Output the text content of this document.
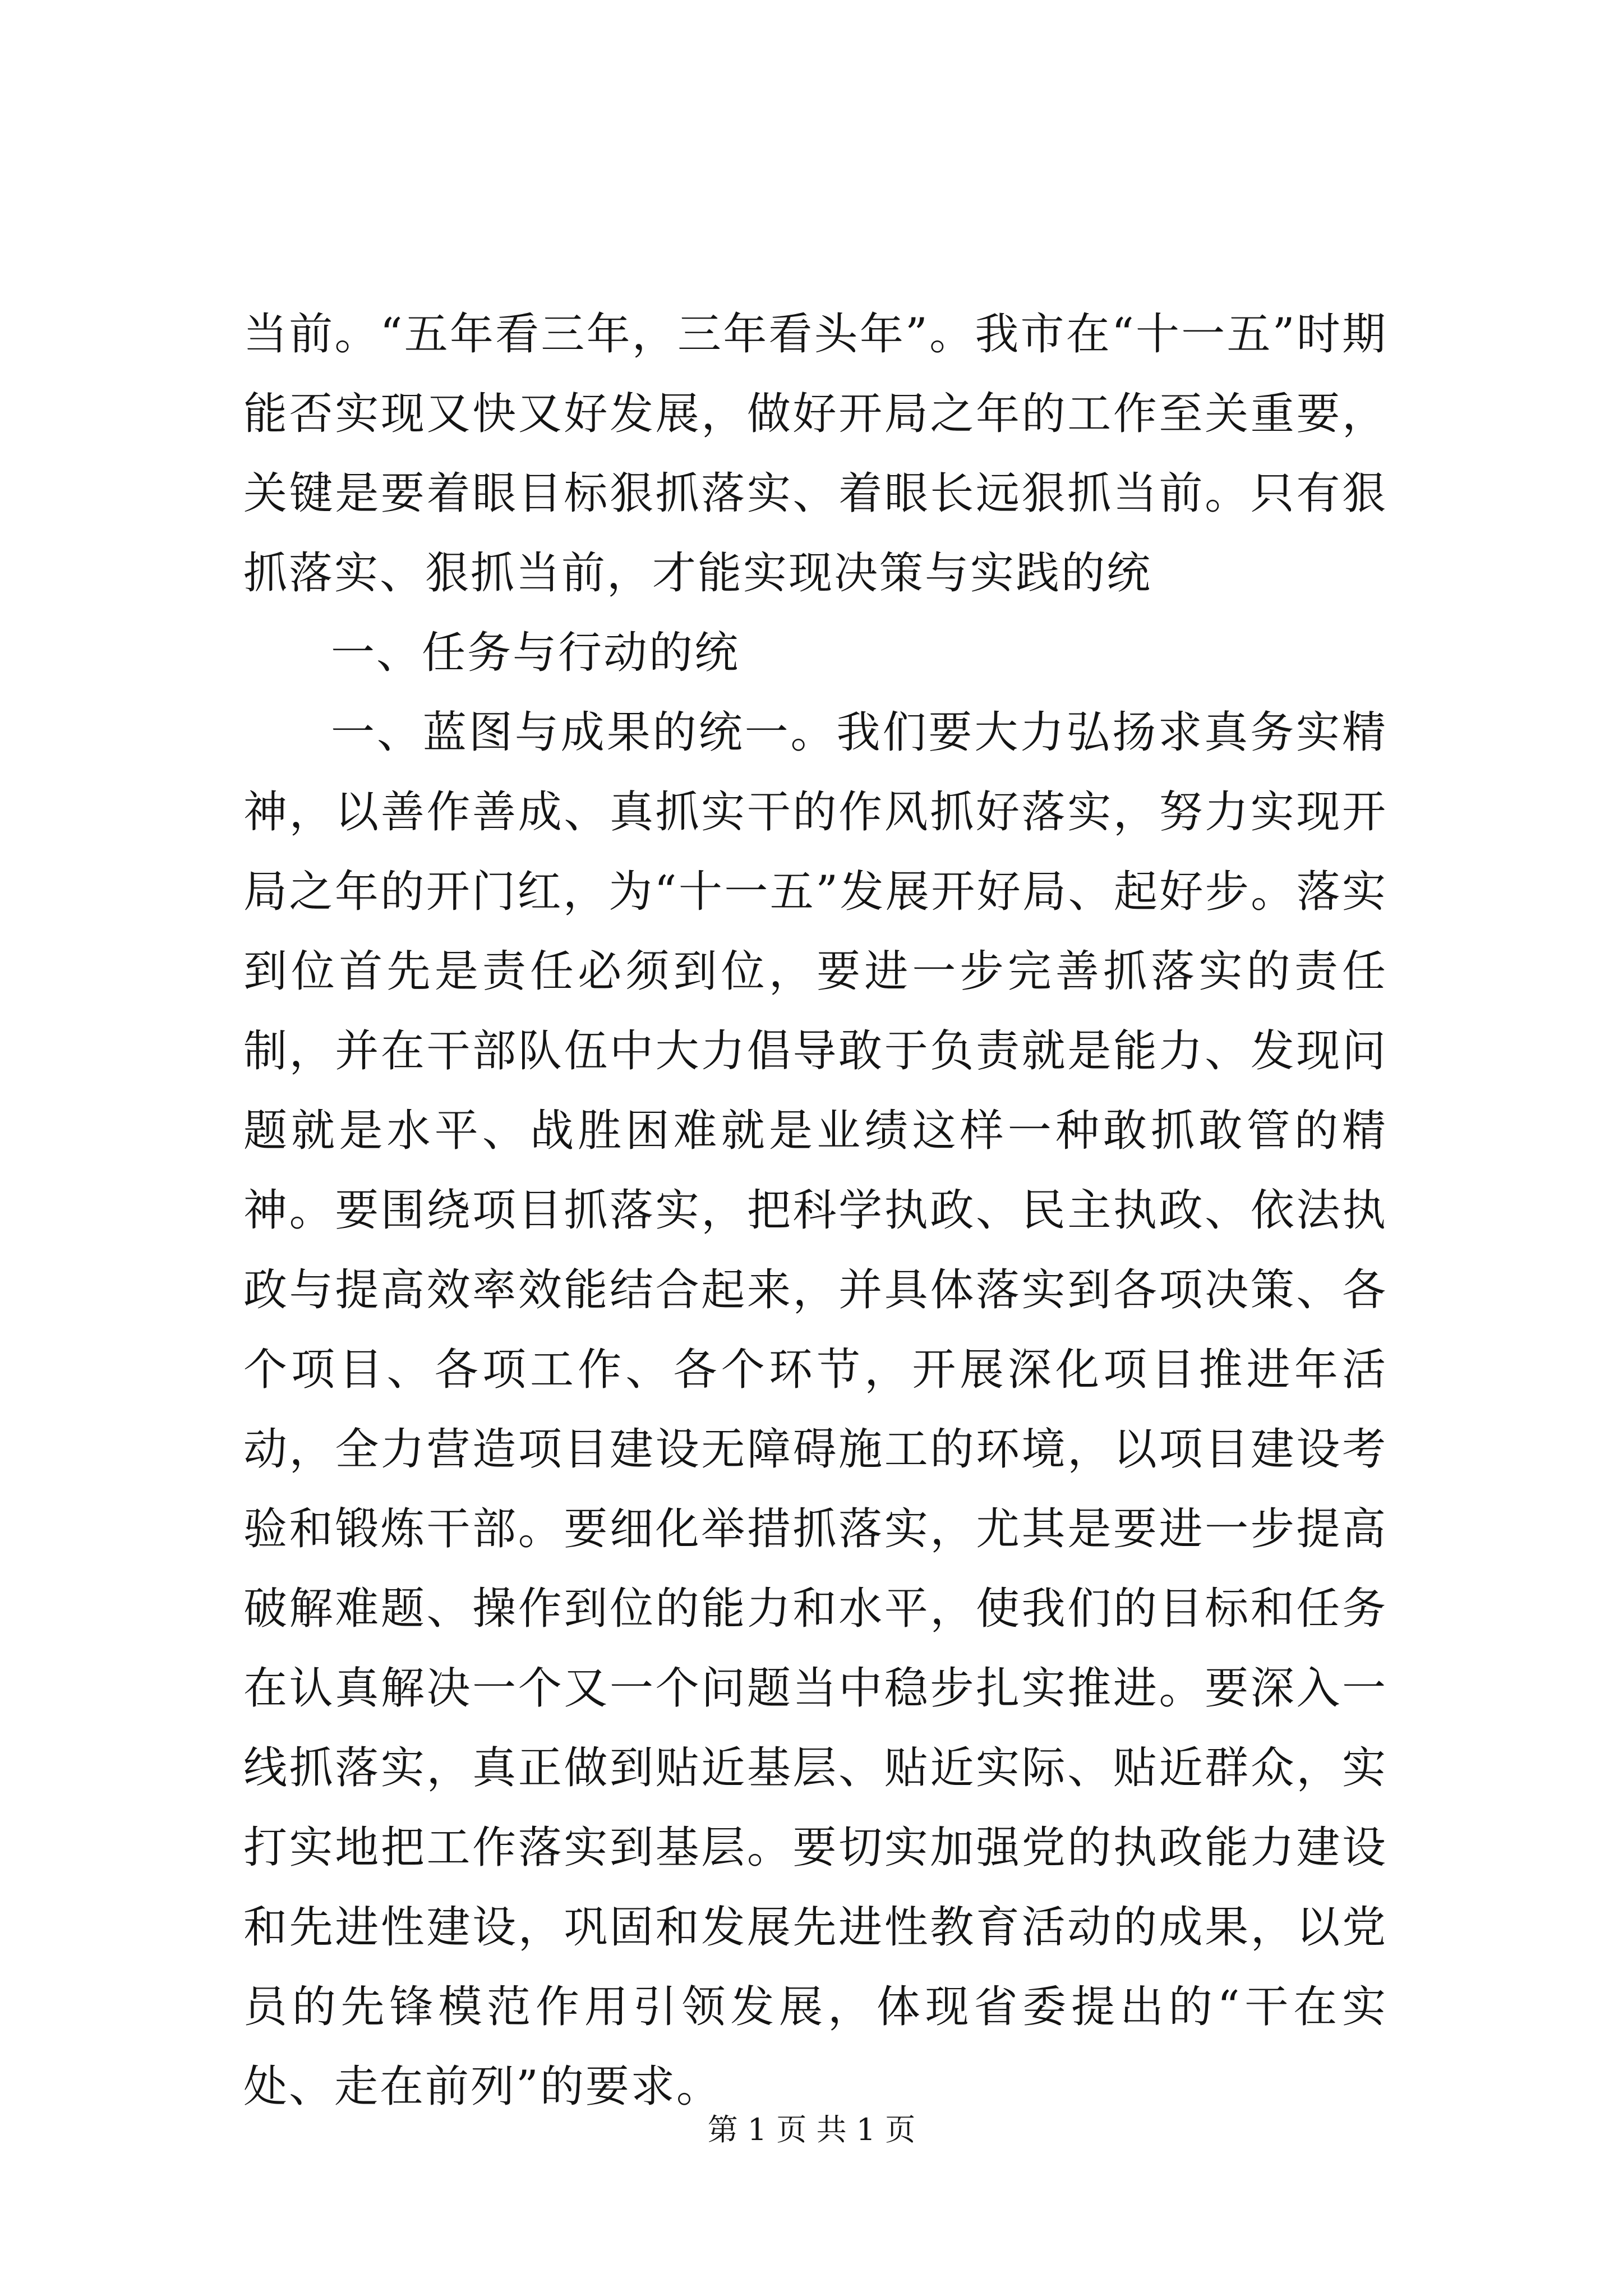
当前。“五年看三年，三年看头年”。我市在“十一五”时期能否实现又快又好发展，做好开局之年的工作至关重要，关键是要着眼目标狠抓落实、着眼长远狠抓当前。只有狠抓落实、狠抓当前，才能实现决策与实践的统

一、任务与行动的统

一、蓝图与成果的统一。我们要大力弘扬求真务实精神，以善作善成、真抓实干的作风抓好落实，努力实现开局之年的开门红，为“十一五”发展开好局、起好步。落实到位首先是责任必须到位，要进一步完善抓落实的责任制，并在干部队伍中大力倡导敢于负责就是能力、发现问题就是水平、战胜困难就是业绩这样一种敢抓敢管的精神。要围绕项目抓落实，把科学执政、民主执政、依法执政与提高效率效能结合起来，并具体落实到各项决策、各个项目、各项工作、各个环节，开展深化项目推进年活动，全力营造项目建设无障碍施工的环境，以项目建设考验和锻炼干部。要细化举措抓落实，尤其是要进一步提高破解难题、操作到位的能力和水平，使我们的目标和任务在认真解决一个又一个问题当中稳步扎实推进。要深入一线抓落实，真正做到贴近基层、贴近实际、贴近群众，实打实地把工作落实到基层。要切实加强党的执政能力建设和先进性建设，巩固和发展先进性教育活动的成果，以党员的先锋模范作用引领发展，体现省委提出的“干在实处、走在前列”的要求。

第 1 页 共 1 页
